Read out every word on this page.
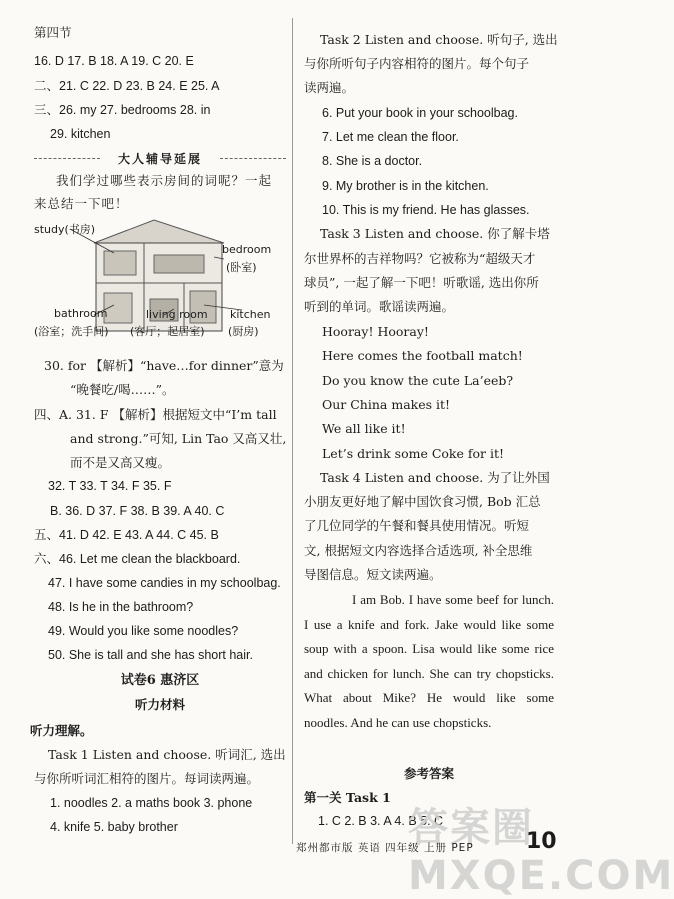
第四节
16. D 17. B 18. A 19. C 20. E
二、21. C 22. D 23. B 24. E 25. A
三、26. my 27. bedrooms 28. in
29. kitchen
大人辅导延展
我们学过哪些表示房间的词呢？一起
来总结一下吧！
study(书房)
bedroom
(卧室)
bathroom
(浴室；洗手间)
living room
(客厅；起居室)
kitchen
(厨房)
30. for 【解析】“have…for dinner”意为
“晚餐吃/喝……”。
四、A. 31. F 【解析】根据短文中“I’m tall
and strong.”可知, Lin Tao 又高又壮,
而不是又高又瘦。
32. T 33. T 34. F 35. F
B. 36. D 37. F 38. B 39. A 40. C
五、41. D 42. E 43. A 44. C 45. B
六、46. Let me clean the blackboard.
47. I have some candies in my schoolbag.
48. Is he in the bathroom?
49. Would you like some noodles?
50. She is tall and she has short hair.
试卷6 惠济区
听力材料
听力理解。
Task 1 Listen and choose. 听词汇, 选出
与你所听词汇相符的图片。每词读两遍。
1. noodles 2. a maths book 3. phone
4. knife 5. baby brother
Task 2 Listen and choose. 听句子, 选出
与你所听句子内容相符的图片。每个句子
读两遍。
6. Put your book in your schoolbag.
7. Let me clean the floor.
8. She is a doctor.
9. My brother is in the kitchen.
10. This is my friend. He has glasses.
Task 3 Listen and choose. 你了解卡塔
尔世界杯的吉祥物吗？它被称为“超级天才
球员”, 一起了解一下吧！听歌谣, 选出你所
听到的单词。歌谣读两遍。
Hooray! Hooray!
Here comes the football match!
Do you know the cute La’eeb?
Our China makes it!
We all like it!
Let’s drink some Coke for it!
Task 4 Listen and choose. 为了让外国
小朋友更好地了解中国饮食习惯, Bob 汇总
了几位同学的午餐和餐具使用情况。听短
文, 根据短文内容选择合适选项, 补全思维
导图信息。短文读两遍。
I am Bob. I have some beef for lunch. I use a knife and fork. Jake would like some soup with a spoon. Lisa would like some rice and chicken for lunch. She can try chopsticks. What about Mike? He would like some noodles. And he can use chopsticks.
参考答案
第一关 Task 1
1. C 2. B 3. A 4. B 5. C
答案圈 MXQE.COM
郑州都市版 英语 四年级 上册 PEP 10
